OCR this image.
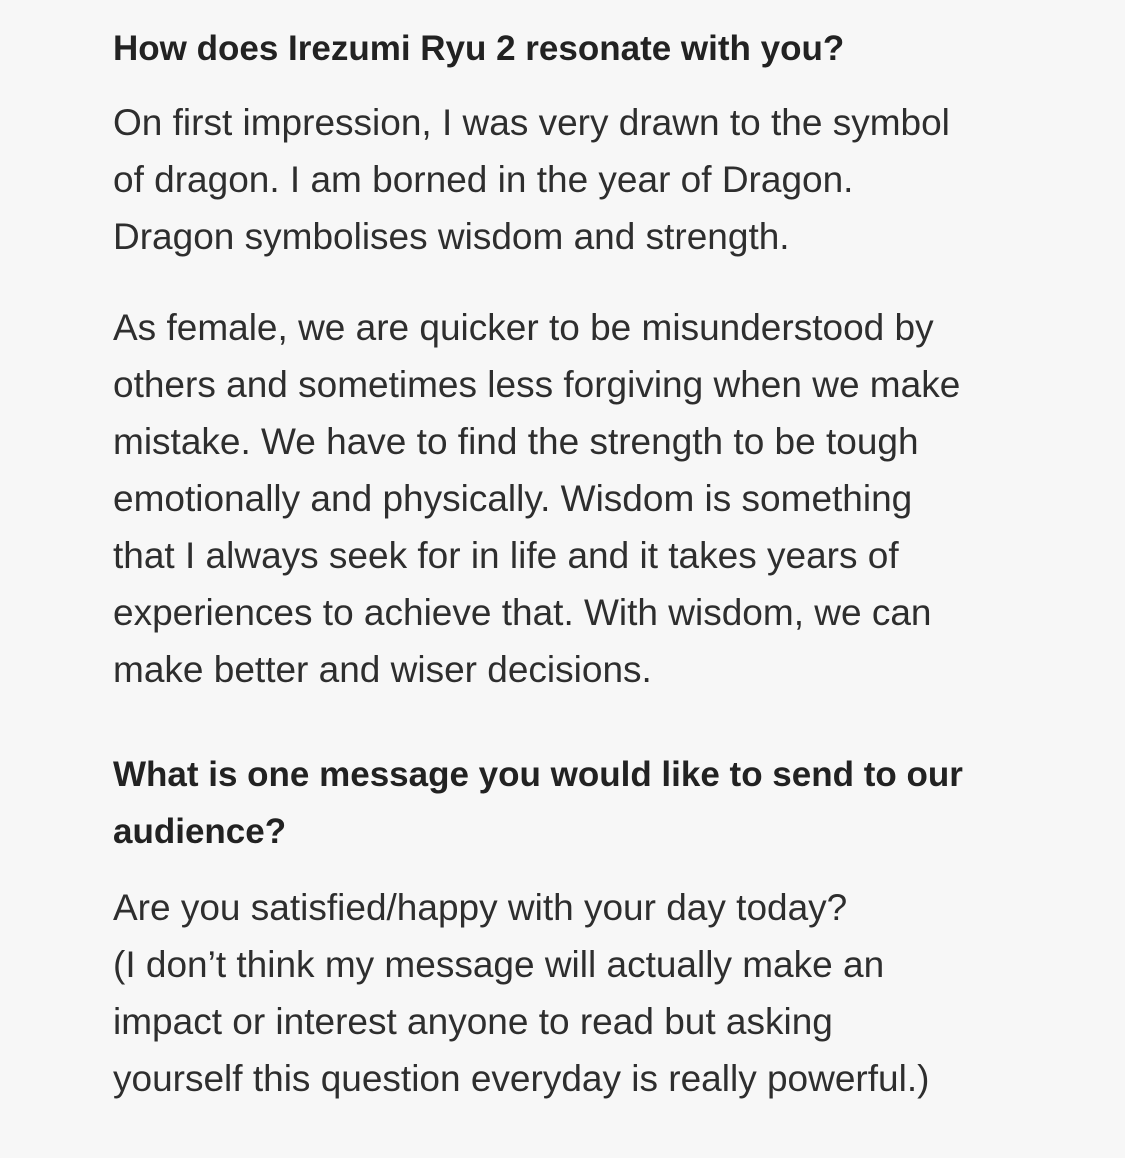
How does Irezumi Ryu 2 resonate with you?

On first impression, I was very drawn to the symbol
of dragon. I am borned in the year of Dragon.
Dragon symbolises wisdom and strength.

As female, we are quicker to be misunderstood by
others and sometimes less forgiving when we make
mistake. We have to find the strength to be tough
emotionally and physically. Wisdom is something
that I always seek for in life and it takes years of
experiences to achieve that. With wisdom, we can
make better and wiser decisions.

What is one message you would like to send to our
audience?

Are you satisfied/happy with your day today?
(I don’t think my message will actually make an
impact or interest anyone to read but asking
yourself this question everyday is really powerful.)
